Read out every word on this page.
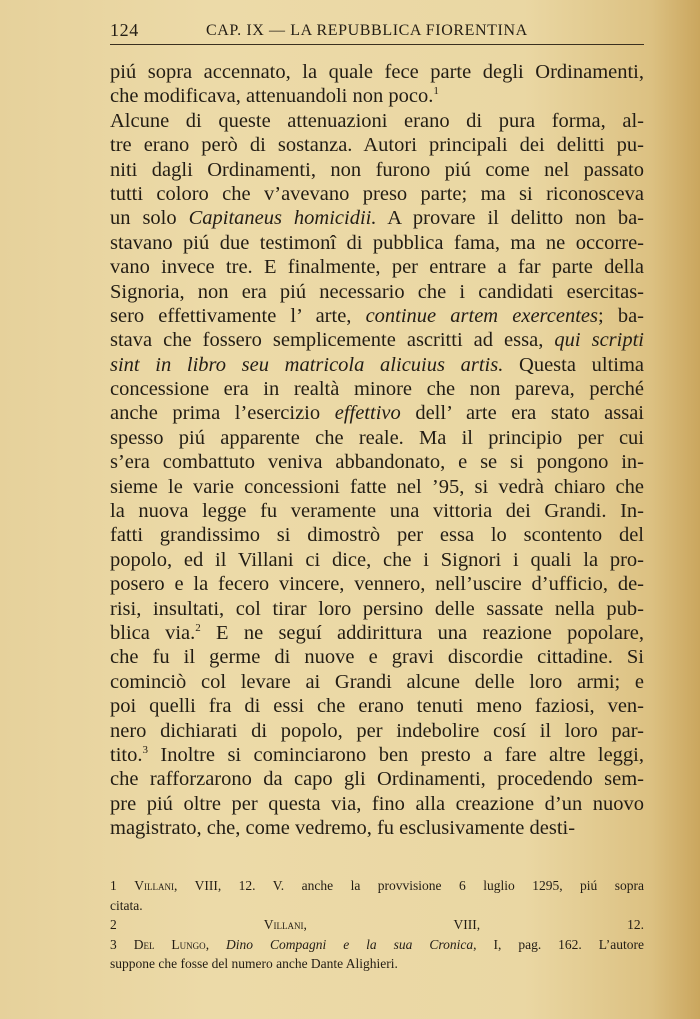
124	CAP. IX — LA REPUBBLICA FIORENTINA
piú sopra accennato, la quale fece parte degli Ordinamenti,
che modificava, attenuandoli non poco.$^1$
Alcune di queste attenuazioni erano di pura forma, al-
tre erano però di sostanza. Autori principali dei delitti pu-
niti dagli Ordinamenti, non furono piú come nel passato
tutti coloro che v’avevano preso parte; ma si riconosceva
un solo Capitaneus homicidii. A provare il delitto non ba-
stavano piú due testimonî di pubblica fama, ma ne occorre-
vano invece tre. E finalmente, per entrare a far parte della
Signoria, non era piú necessario che i candidati esercitas-
sero effettivamente l’ arte, continue artem exercentes; ba-
stava che fossero semplicemente ascritti ad essa, qui scripti
sint in libro seu matricola alicuius artis. Questa ultima
concessione era in realtà minore che non pareva, perché
anche prima l’esercizio effettivo dell’ arte era stato assai
spesso piú apparente che reale. Ma il principio per cui
s’era combattuto veniva abbandonato, e se si pongono in-
sieme le varie concessioni fatte nel ’95, si vedrà chiaro che
la nuova legge fu veramente una vittoria dei Grandi. In-
fatti grandissimo si dimostrò per essa lo scontento del
popolo, ed il Villani ci dice, che i Signori i quali la pro-
posero e la fecero vincere, vennero, nell’uscire d’ufficio, de-
risi, insultati, col tirar loro persino delle sassate nella pub-
blica via.$^2$ E ne seguí addirittura una reazione popolare,
che fu il germe di nuove e gravi discordie cittadine. Si
cominciò col levare ai Grandi alcune delle loro armi; e
poi quelli fra di essi che erano tenuti meno faziosi, ven-
nero dichiarati di popolo, per indebolire cosí il loro par-
tito.$^3$ Inoltre si cominciarono ben presto a fare altre leggi,
che rafforzarono da capo gli Ordinamenti, procedendo sem-
pre piú oltre per questa via, fino alla creazione d’un nuovo
magistrato, che, come vedremo, fu esclusivamente desti-
1 Villani, VIII, 12. V. anche la provvisione 6 luglio 1295, piú sopra
citata.
2 Villani, VIII, 12.
3 Del Lungo, Dino Compagni e la sua Cronica, I, pag. 162. L’autore
suppone che fosse del numero anche Dante Alighieri.
